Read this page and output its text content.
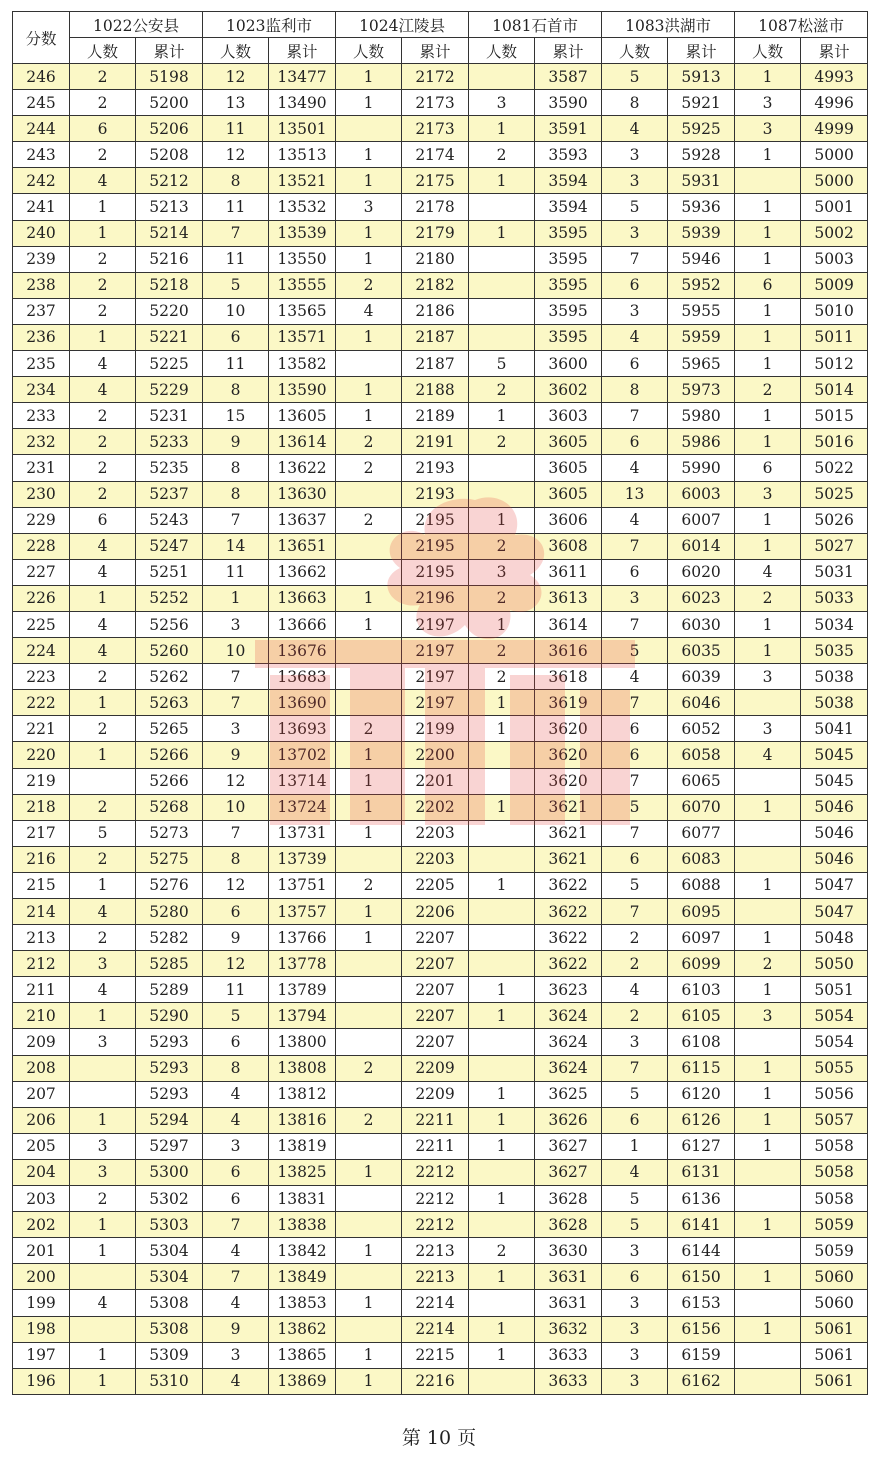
分数	1022公安县		1023监利市		1024江陵县		1081石首市		1083洪湖市		1087松滋市	
	人数	累计	人数	累计	人数	累计	人数	累计	人数	累计	人数	累计
246	2	5198	12	13477	1	2172		3587	5	5913	1	4993
245	2	5200	13	13490	1	2173	3	3590	8	5921	3	4996
244	6	5206	11	13501		2173	1	3591	4	5925	3	4999
243	2	5208	12	13513	1	2174	2	3593	3	5928	1	5000
242	4	5212	8	13521	1	2175	1	3594	3	5931		5000
241	1	5213	11	13532	3	2178		3594	5	5936	1	5001
240	1	5214	7	13539	1	2179	1	3595	3	5939	1	5002
239	2	5216	11	13550	1	2180		3595	7	5946	1	5003
238	2	5218	5	13555	2	2182		3595	6	5952	6	5009
237	2	5220	10	13565	4	2186		3595	3	5955	1	5010
236	1	5221	6	13571	1	2187		3595	4	5959	1	5011
235	4	5225	11	13582		2187	5	3600	6	5965	1	5012
234	4	5229	8	13590	1	2188	2	3602	8	5973	2	5014
233	2	5231	15	13605	1	2189	1	3603	7	5980	1	5015
232	2	5233	9	13614	2	2191	2	3605	6	5986	1	5016
231	2	5235	8	13622	2	2193		3605	4	5990	6	5022
230	2	5237	8	13630		2193		3605	13	6003	3	5025
229	6	5243	7	13637	2	2195	1	3606	4	6007	1	5026
228	4	5247	14	13651		2195	2	3608	7	6014	1	5027
227	4	5251	11	13662		2195	3	3611	6	6020	4	5031
226	1	5252	1	13663	1	2196	2	3613	3	6023	2	5033
225	4	5256	3	13666	1	2197	1	3614	7	6030	1	5034
224	4	5260	10	13676		2197	2	3616	5	6035	1	5035
223	2	5262	7	13683		2197	2	3618	4	6039	3	5038
222	1	5263	7	13690		2197	1	3619	7	6046		5038
221	2	5265	3	13693	2	2199	1	3620	6	6052	3	5041
220	1	5266	9	13702	1	2200		3620	6	6058	4	5045
219		5266	12	13714	1	2201		3620	7	6065		5045
218	2	5268	10	13724	1	2202	1	3621	5	6070	1	5046
217	5	5273	7	13731	1	2203		3621	7	6077		5046
216	2	5275	8	13739		2203		3621	6	6083		5046
215	1	5276	12	13751	2	2205	1	3622	5	6088	1	5047
214	4	5280	6	13757	1	2206		3622	7	6095		5047
213	2	5282	9	13766	1	2207		3622	2	6097	1	5048
212	3	5285	12	13778		2207		3622	2	6099	2	5050
211	4	5289	11	13789		2207	1	3623	4	6103	1	5051
210	1	5290	5	13794		2207	1	3624	2	6105	3	5054
209	3	5293	6	13800		2207		3624	3	6108		5054
208		5293	8	13808	2	2209		3624	7	6115	1	5055
207		5293	4	13812		2209	1	3625	5	6120	1	5056
206	1	5294	4	13816	2	2211	1	3626	6	6126	1	5057
205	3	5297	3	13819		2211	1	3627	1	6127	1	5058
204	3	5300	6	13825	1	2212		3627	4	6131		5058
203	2	5302	6	13831		2212	1	3628	5	6136		5058
202	1	5303	7	13838		2212		3628	5	6141	1	5059
201	1	5304	4	13842	1	2213	2	3630	3	6144		5059
200		5304	7	13849		2213	1	3631	6	6150	1	5060
199	4	5308	4	13853	1	2214		3631	3	6153		5060
198		5308	9	13862		2214	1	3632	3	6156	1	5061
197	1	5309	3	13865	1	2215	1	3633	3	6159		5061
196	1	5310	4	13869	1	2216		3633	3	6162		5061
第 10 页
